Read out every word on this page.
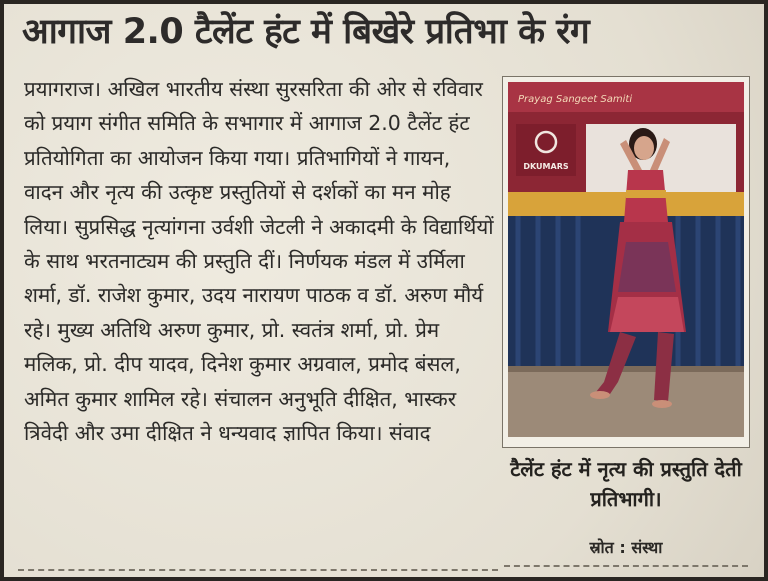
आगाज 2.0 टैलेंट हंट में बिखेरे प्रतिभा के रंग
प्रयागराज। अखिल भारतीय संस्था सुरसरिता की ओर से रविवार को प्रयाग संगीत समिति के सभागार में आगाज 2.0 टैलेंट हंट प्रतियोगिता का आयोजन किया गया। प्रतिभागियों ने गायन, वादन और नृत्य की उत्कृष्ट प्रस्तुतियों से दर्शकों का मन मोह लिया। सुप्रसिद्ध नृत्यांगना उर्वशी जेटली ने अकादमी के विद्यार्थियों के साथ भरतनाट्यम की प्रस्तुति दीं। निर्णयक मंडल में उर्मिला शर्मा, डॉ. राजेश कुमार, उदय नारायण पाठक व डॉ. अरुण मौर्य रहे। मुख्य अतिथि अरुण कुमार, प्रो. स्वतंत्र शर्मा, प्रो. प्रेम मलिक, प्रो. दीप यादव, दिनेश कुमार अग्रवाल, प्रमोद बंसल, अमित कुमार शामिल रहे। संचालन अनुभूति दीक्षित, भास्कर त्रिवेदी और उमा दीक्षित ने धन्यवाद ज्ञापित किया। संवाद
DKUMARS
Prayag Sangeet Samiti
टैलेंट हंट में नृत्य की प्रस्तुति देती प्रतिभागी।
स्रोत : संस्था
